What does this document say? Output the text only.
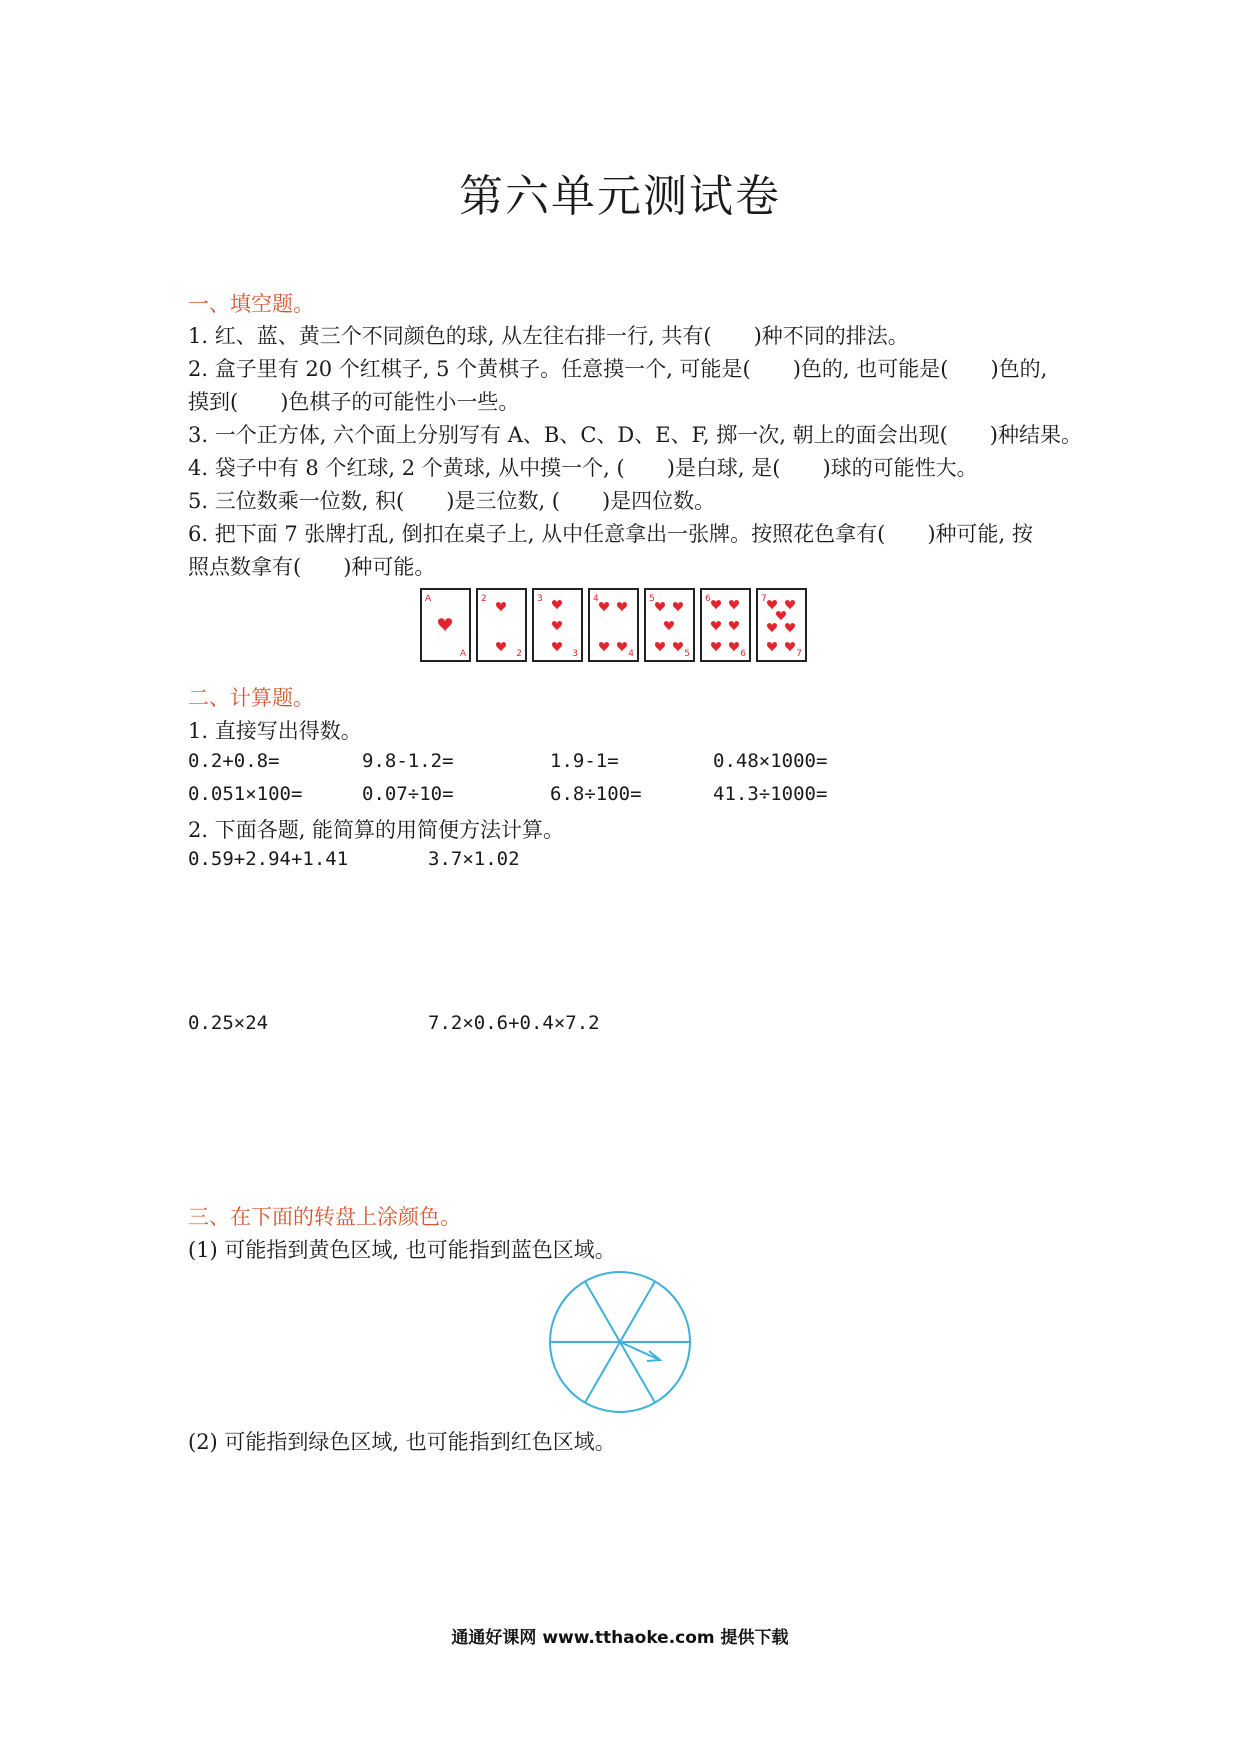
第六单元测试卷
一、填空题。
1. 红、蓝、黄三个不同颜色的球, 从左往右排一行, 共有(　　)种不同的排法。
2. 盒子里有 20 个红棋子, 5 个黄棋子。任意摸一个, 可能是(　　)色的, 也可能是(　　)色的,
摸到(　　)色棋子的可能性小一些。
3. 一个正方体, 六个面上分别写有 A、B、C、D、E、F, 掷一次, 朝上的面会出现(　　)种结果。
4. 袋子中有 8 个红球, 2 个黄球, 从中摸一个, (　　)是白球, 是(　　)球的可能性大。
5. 三位数乘一位数, 积(　　)是三位数, (　　)是四位数。
6. 把下面 7 张牌打乱, 倒扣在桌子上, 从中任意拿出一张牌。按照花色拿有(　　)种可能, 按
照点数拿有(　　)种可能。
A
A
2
2
3
3
4
4
5
5
6
6
7
7
二、计算题。
1. 直接写出得数。
0.2+0.8=	9.8-1.2=	1.9-1=	0.48×1000=
0.051×100=	0.07÷10=	6.8÷100=	41.3÷1000=
2. 下面各题, 能简算的用简便方法计算。
0.59+2.94+1.41	3.7×1.02
0.25×24	7.2×0.6+0.4×7.2
三、在下面的转盘上涂颜色。
(1) 可能指到黄色区域, 也可能指到蓝色区域。
(2) 可能指到绿色区域, 也可能指到红色区域。
通通好课网 www.tthaoke.com 提供下载
